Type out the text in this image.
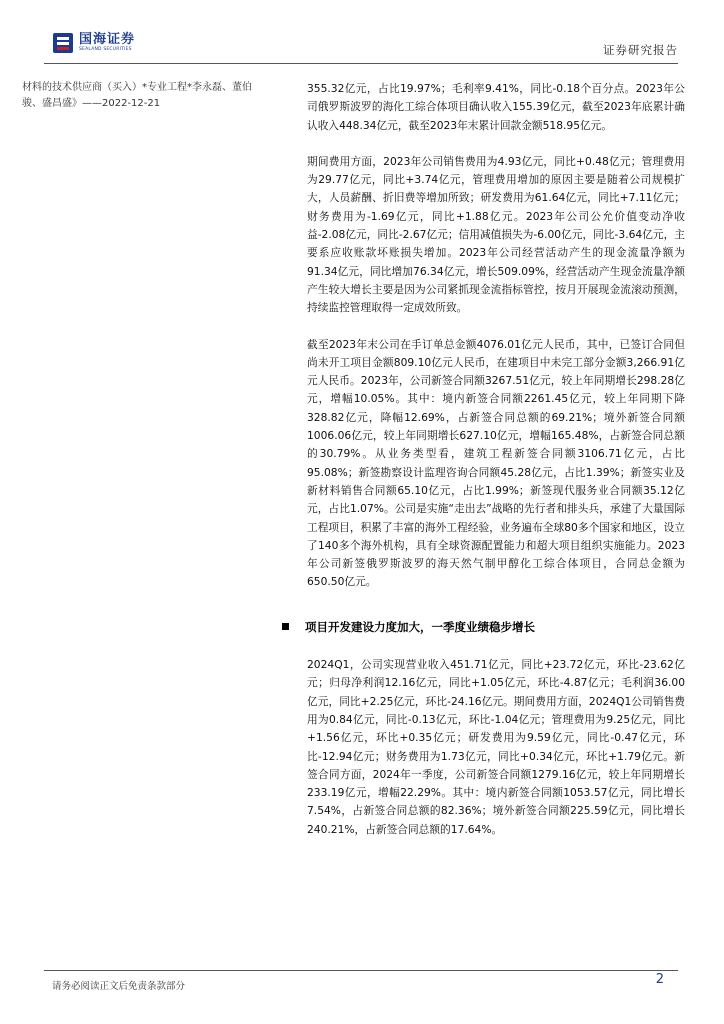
国海证券
SEALAND SECURITIES	证券研究报告
材料的技术供应商（买入）*专业工程*李永磊、董伯骏、盛昌盛》——2022-12-21

355.32亿元，占比19.97%；毛利率9.41%，同比-0.18个百分点。2023年公司俄罗斯波罗的海化工综合体项目确认收入155.39亿元，截至2023年底累计确认收入448.34亿元，截至2023年末累计回款金额518.95亿元。

期间费用方面，2023年公司销售费用为4.93亿元，同比+0.48亿元；管理费用为29.77亿元，同比+3.74亿元，管理费用增加的原因主要是随着公司规模扩大，人员薪酬、折旧费等增加所致；研发费用为61.64亿元，同比+7.11亿元；财务费用为-1.69亿元，同比+1.88亿元。2023年公司公允价值变动净收益-2.08亿元，同比-2.67亿元；信用减值损失为-6.00亿元，同比-3.64亿元，主要系应收账款坏账损失增加。2023年公司经营活动产生的现金流量净额为91.34亿元，同比增加76.34亿元，增长509.09%，经营活动产生现金流量净额产生较大增长主要是因为公司紧抓现金流指标管控，按月开展现金流滚动预测，持续监控管理取得一定成效所致。

截至2023年末公司在手订单总金额4076.01亿元人民币，其中，已签订合同但尚未开工项目金额809.10亿元人民币，在建项目中未完工部分金额3,266.91亿元人民币。2023年，公司新签合同额3267.51亿元，较上年同期增长298.28亿元，增幅10.05%。其中：境内新签合同额2261.45亿元，较上年同期下降328.82亿元，降幅12.69%，占新签合同总额的69.21%；境外新签合同额1006.06亿元，较上年同期增长627.10亿元，增幅165.48%，占新签合同总额的30.79%。从业务类型看，建筑工程新签合同额3106.71亿元，占比95.08%；新签勘察设计监理咨询合同额45.28亿元，占比1.39%；新签实业及新材料销售合同额65.10亿元，占比1.99%；新签现代服务业合同额35.12亿元，占比1.07%。公司是实施“走出去”战略的先行者和排头兵，承建了大量国际工程项目，积累了丰富的海外工程经验，业务遍布全球80多个国家和地区，设立了140多个海外机构，具有全球资源配置能力和超大项目组织实施能力。2023年公司新签俄罗斯波罗的海天然气制甲醇化工综合体项目，合同总金额为650.50亿元。

项目开发建设力度加大，一季度业绩稳步增长

2024Q1，公司实现营业收入451.71亿元，同比+23.72亿元，环比-23.62亿元；归母净利润12.16亿元，同比+1.05亿元，环比-4.87亿元；毛利润36.00亿元，同比+2.25亿元，环比-24.16亿元。期间费用方面，2024Q1公司销售费用为0.84亿元，同比-0.13亿元，环比-1.04亿元；管理费用为9.25亿元，同比+1.56亿元，环比+0.35亿元；研发费用为9.59亿元，同比-0.47亿元，环比-12.94亿元；财务费用为1.73亿元，同比+0.34亿元，环比+1.79亿元。新签合同方面，2024年一季度，公司新签合同额1279.16亿元，较上年同期增长233.19亿元，增幅22.29%。其中：境内新签合同额1053.57亿元，同比增长7.54%，占新签合同总额的82.36%；境外新签合同额225.59亿元，同比增长240.21%，占新签合同总额的17.64%。

请务必阅读正文后免责条款部分	2
